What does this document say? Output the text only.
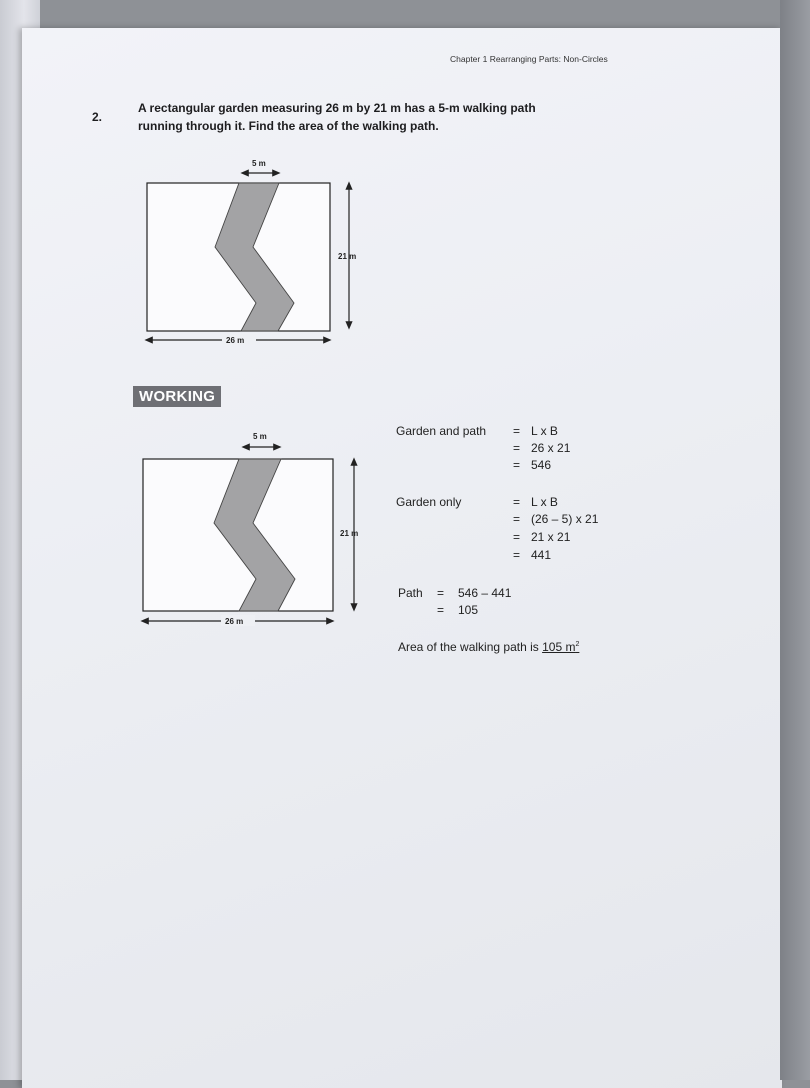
Chapter 1 Rearranging Parts: Non-Circles
2.
A rectangular garden measuring 26 m by 21 m has a 5-m walking path running through it. Find the area of the walking path.
5 m
21 m
26 m
WORKING
5 m
21 m
26 m
Garden and path = L x B
= 26 x 21
= 546
Garden only	= L x B
= (26 – 5) x 21
= 21 x 21
= 441
Path = 546 – 441
= 105
Area of the walking path is 105 $m^2$
